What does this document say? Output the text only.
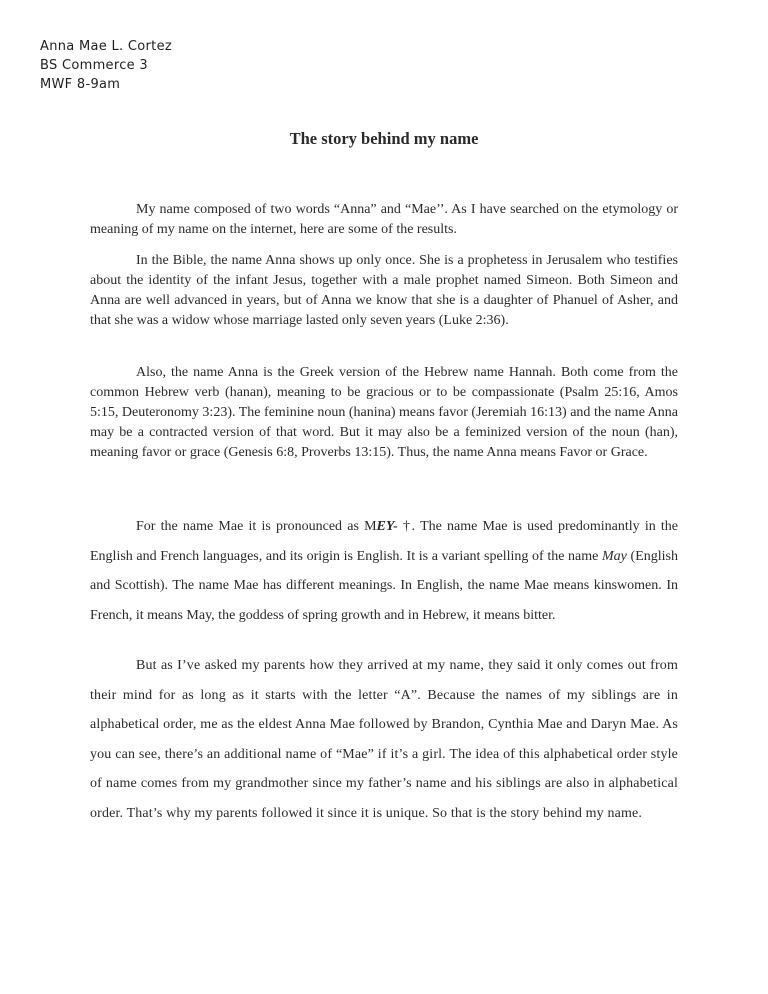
Anna Mae L. Cortez
BS Commerce 3
MWF 8-9am
The story behind my name

My name composed of two words “Anna” and “Mae’’. As I have searched on the etymology or meaning of my name on the internet, here are some of the results.

In the Bible, the name Anna shows up only once. She is a prophetess in Jerusalem who testifies about the identity of the infant Jesus, together with a male prophet named Simeon. Both Simeon and Anna are well advanced in years, but of Anna we know that she is a daughter of Phanuel of Asher, and that she was a widow whose marriage lasted only seven years (Luke 2:36).

Also, the name Anna is the Greek version of the Hebrew name Hannah. Both come from the common Hebrew verb (hanan), meaning to be gracious or to be compassionate (Psalm 25:16, Amos 5:15, Deuteronomy 3:23). The feminine noun (hanina) means favor (Jeremiah 16:13) and the name Anna may be a contracted version of that word. But it may also be a feminized version of the noun (han), meaning favor or grace (Genesis 6:8, Proverbs 13:15). Thus, the name Anna means Favor or Grace.

For the name Mae it is pronounced as MEY- †. The name Mae is used predominantly in the English and French languages, and its origin is English. It is a variant spelling of the name May (English and Scottish). The name Mae has different meanings. In English, the name Mae means kinswomen. In French, it means May, the goddess of spring growth and in Hebrew, it means bitter.

But as I’ve asked my parents how they arrived at my name, they said it only comes out from their mind for as long as it starts with the letter “A”. Because the names of my siblings are in alphabetical order, me as the eldest Anna Mae followed by Brandon, Cynthia Mae and Daryn Mae. As you can see, there’s an additional name of “Mae” if it’s a girl. The idea of this alphabetical order style of name comes from my grandmother since my father’s name and his siblings are also in alphabetical order. That’s why my parents followed it since it is unique. So that is the story behind my name.
